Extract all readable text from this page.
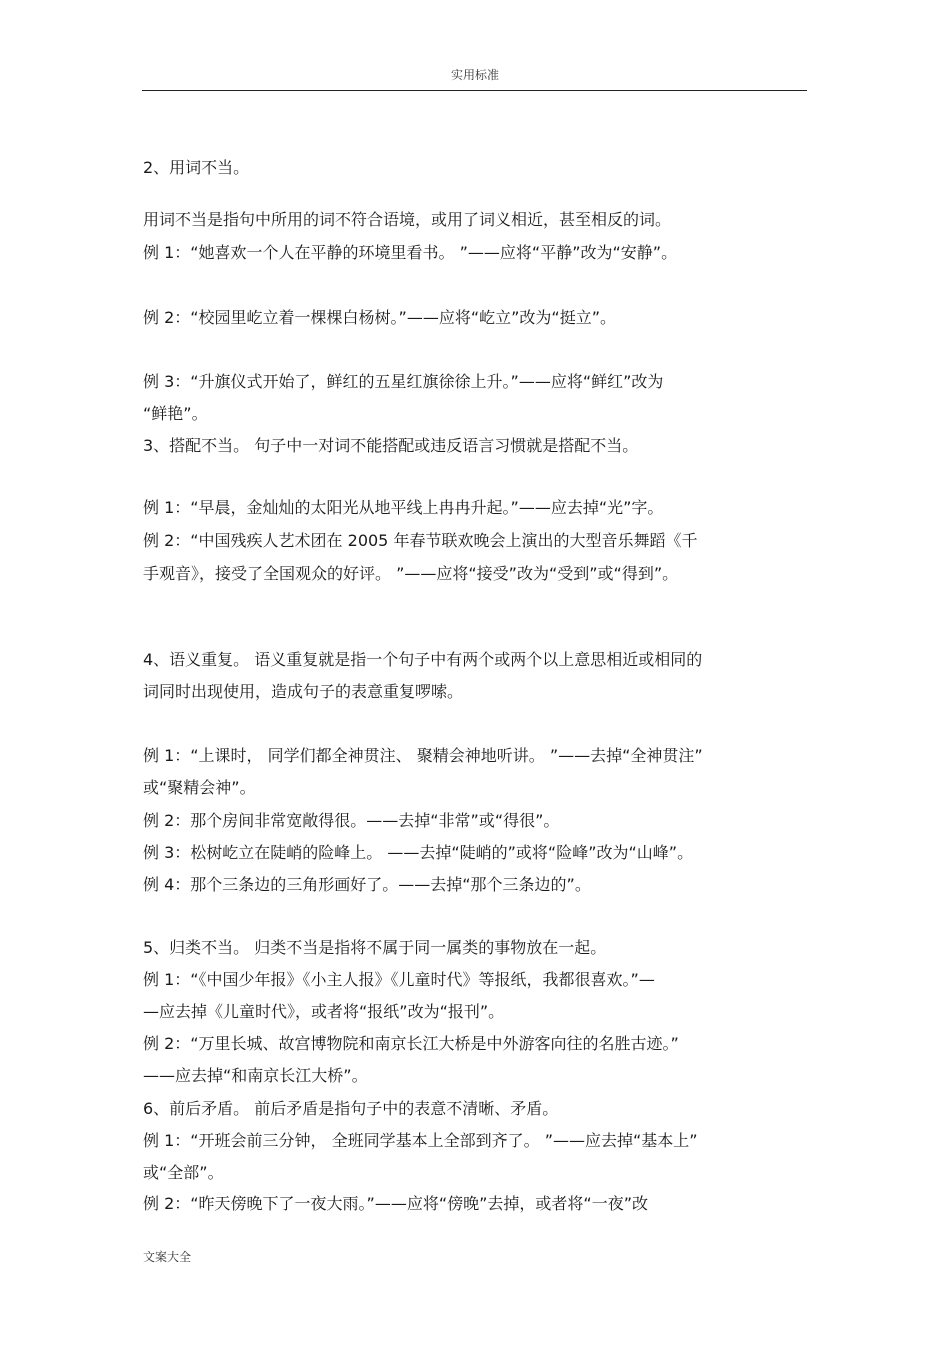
实用标准
2、用词不当。
用词不当是指句中所用的词不符合语境，或用了词义相近，甚至相反的词。
例 1：“她喜欢一个人在平静的环境里看书。 ”——应将“平静”改为“安静”。
例 2：“校园里屹立着一棵棵白杨树。”——应将“屹立”改为“挺立”。
例 3：“升旗仪式开始了，鲜红的五星红旗徐徐上升。”——应将“鲜红”改为
“鲜艳”。
3、搭配不当。 句子中一对词不能搭配或违反语言习惯就是搭配不当。
例 1：“早晨，金灿灿的太阳光从地平线上冉冉升起。”——应去掉“光”字。
例 2：“中国残疾人艺术团在 2005 年春节联欢晚会上演出的大型音乐舞蹈《千
手观音》，接受了全国观众的好评。 ”——应将“接受”改为“受到”或“得到”。
4、语义重复。 语义重复就是指一个句子中有两个或两个以上意思相近或相同的
词同时出现使用，造成句子的表意重复啰嗦。
例 1：“上课时， 同学们都全神贯注、 聚精会神地听讲。 ”——去掉“全神贯注”
或“聚精会神”。
例 2：那个房间非常宽敞得很。——去掉“非常”或“得很”。
例 3：松树屹立在陡峭的险峰上。 ——去掉“陡峭的”或将“险峰”改为“山峰”。
例 4：那个三条边的三角形画好了。——去掉“那个三条边的”。
5、归类不当。 归类不当是指将不属于同一属类的事物放在一起。
例 1：“《中国少年报》《小主人报》《儿童时代》等报纸，我都很喜欢。”—
—应去掉《儿童时代》，或者将“报纸”改为“报刊”。
例 2：“万里长城、故宫博物院和南京长江大桥是中外游客向往的名胜古迹。”
——应去掉“和南京长江大桥”。
6、前后矛盾。 前后矛盾是指句子中的表意不清晰、矛盾。
例 1：“开班会前三分钟， 全班同学基本上全部到齐了。 ”——应去掉“基本上”
或“全部”。
例 2：“昨天傍晚下了一夜大雨。”——应将“傍晚”去掉，或者将“一夜”改
文案大全
